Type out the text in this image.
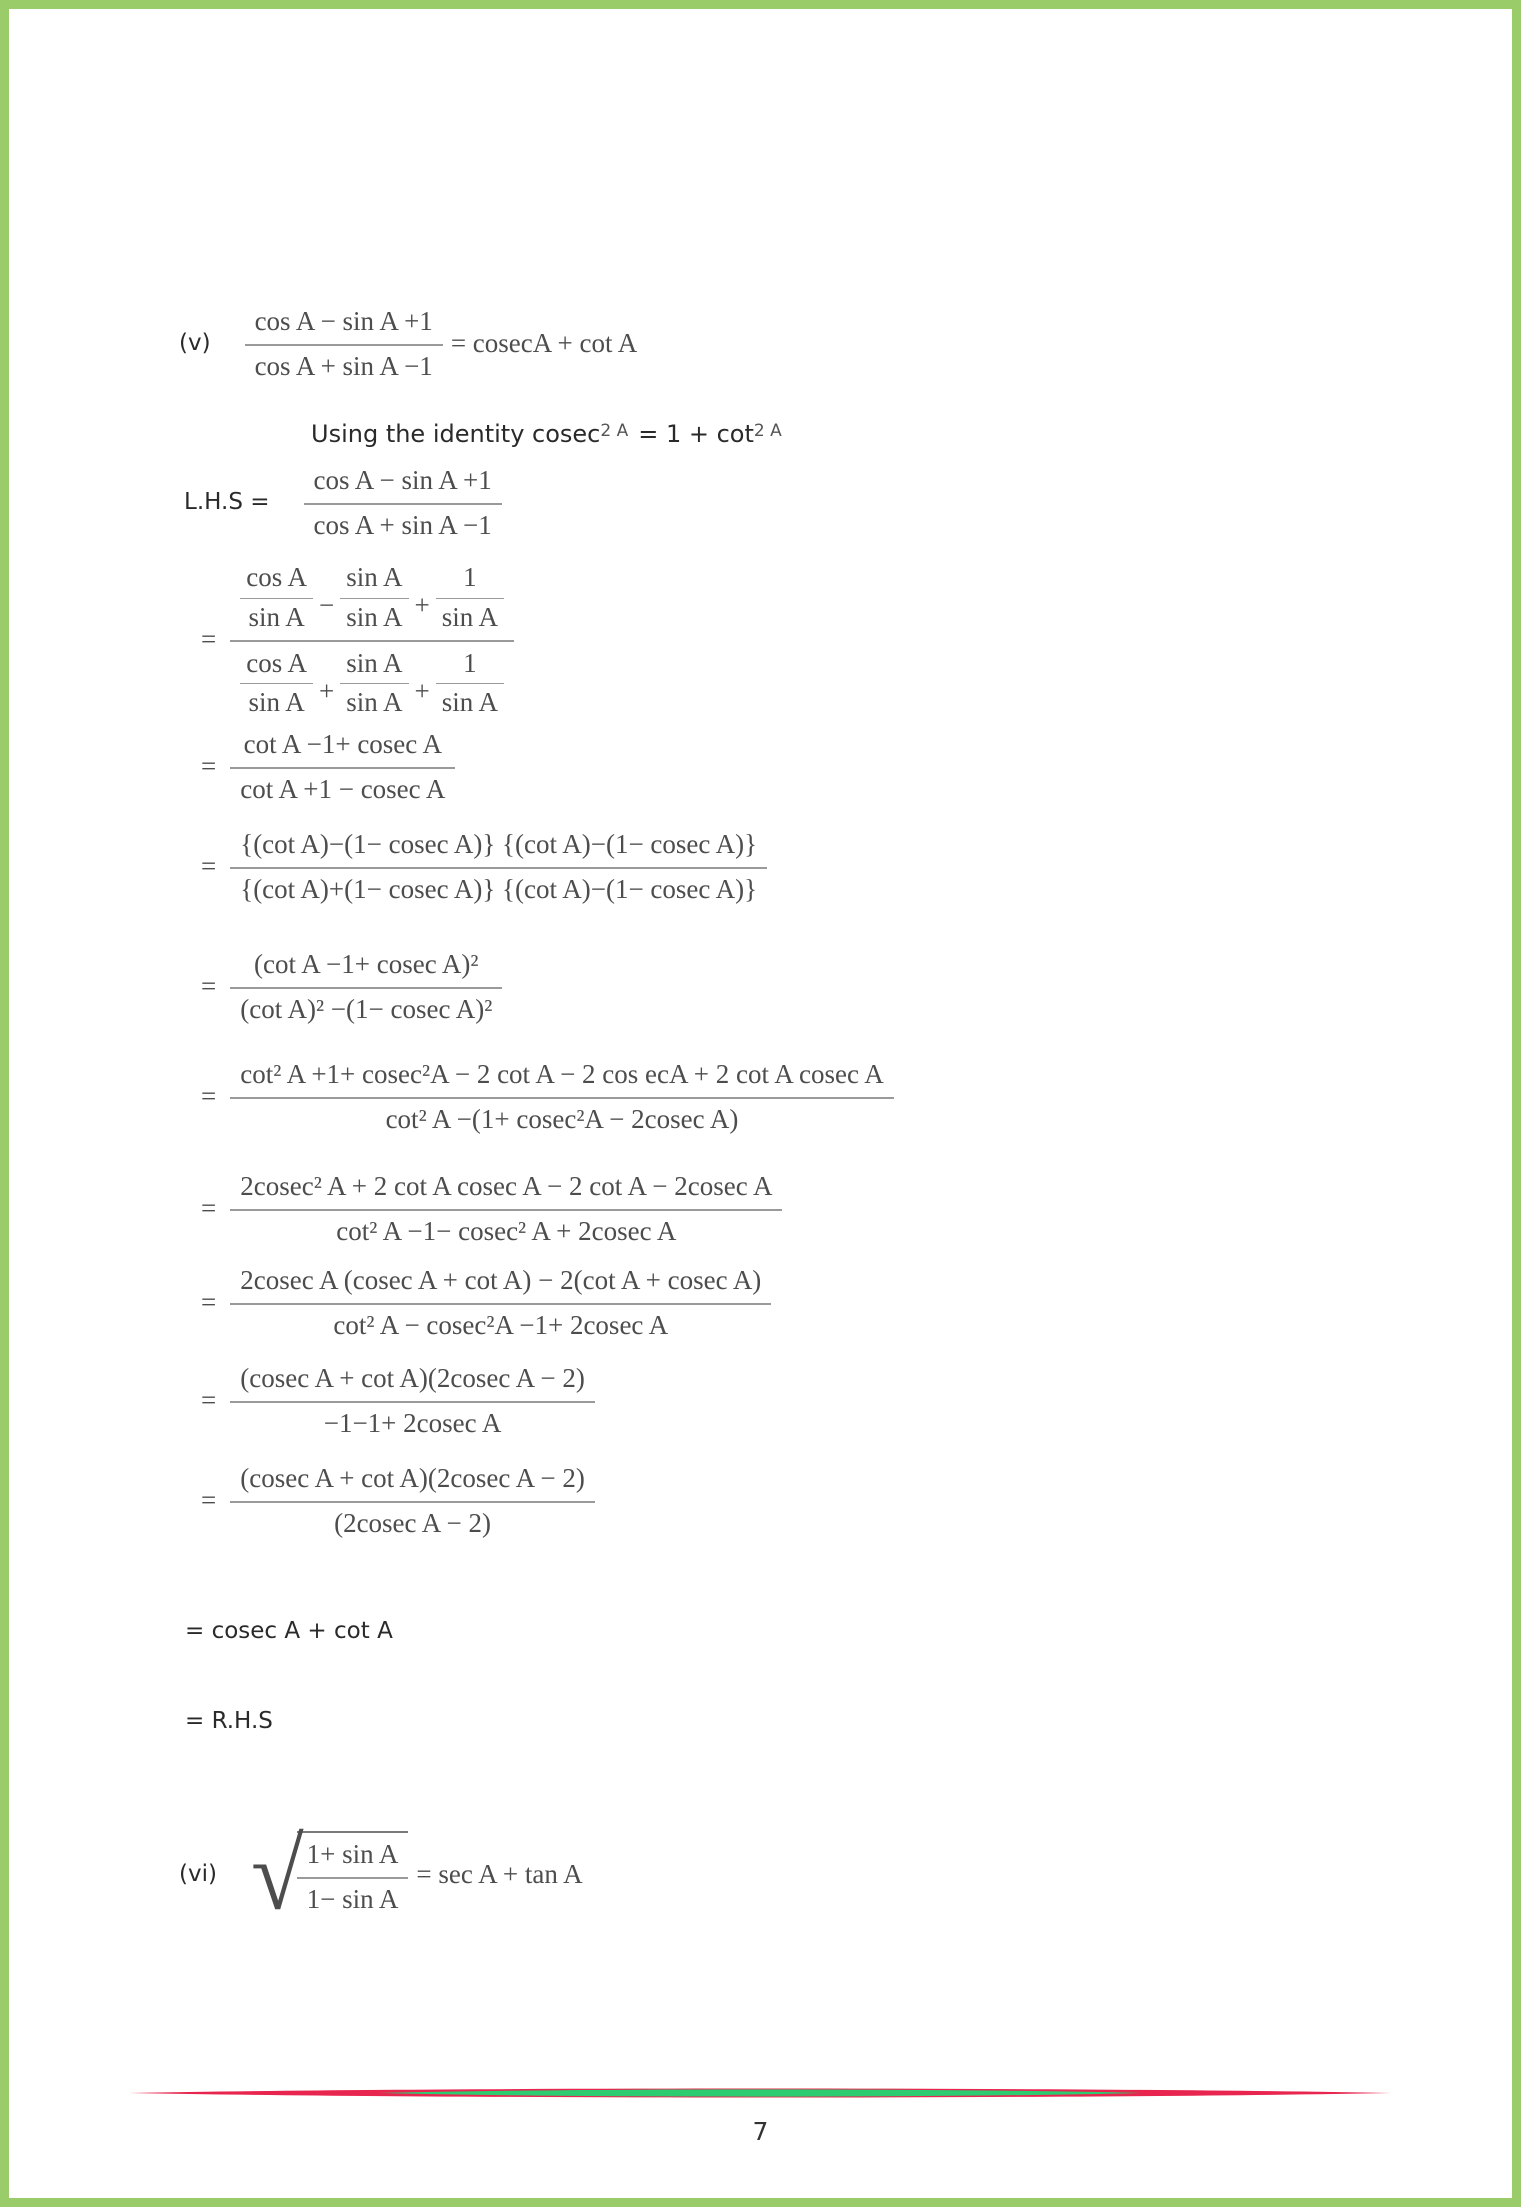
$(v) \frac{\text{cos A − sin A +1}}{\text{cos A + sin A −1}} = cosecA + \cot A$
Using the identity $cosec^{2 A} = 1 + \cot^{2 A}$
$L.H.S = \frac{\text{cos A − sin A +1}}{\text{cos A + sin A −1}}$
=
$\frac{\text{cos A}}{\text{sin A}} - \frac{\text{sin A}}{\text{sin A}} + \frac{1}{\text{sin A}}$
$\frac{\text{cos A}}{\text{sin A}} + \frac{\text{sin A}}{\text{sin A}} + \frac{1}{\text{sin A}}$
= $\frac{\text{cot A −1+ cosec A}}{\text{cot A +1 − cosec A}}$
= $\frac{\text{\{(cot A)−(1− cosec A)\} \{(cot A)−(1− cosec A)\}}}{\text{\{(cot A)+(1− cosec A)\} \{(cot A)−(1− cosec A)\}}}$
= $\frac{\text{(cot A −1+ cosec A)²}}{\text{(cot A)² −(1− cosec A)²}}$
= $\frac{\text{cot² A +1+ cosec²A − 2 cot A − 2 cos ecA + 2 cot A cosec A}}{\text{cot² A −(1+ cosec²A − 2cosec A)}}$
= $\frac{\text{2cosec² A + 2 cot A cosec A − 2 cot A − 2cosec A}}{\text{cot² A −1− cosec² A + 2cosec A}}$
= $\frac{\text{2cosec A (cosec A + cot A) − 2(cot A + cosec A)}}{\text{cot² A − cosec²A −1+ 2cosec A}}$
= $\frac{\text{(cosec A + cot A)(2cosec A − 2)}}{\text{−1−1+ 2cosec A}}$
= $\frac{\text{(cosec A + cot A)(2cosec A − 2)}}{\text{(2cosec A − 2)}}$
= cosec A + cot A
= R.H.S
(vi) √
$\frac{\text{1+ sin A}}{\text{1− sin A}} = \sec A + \tan A$
7
